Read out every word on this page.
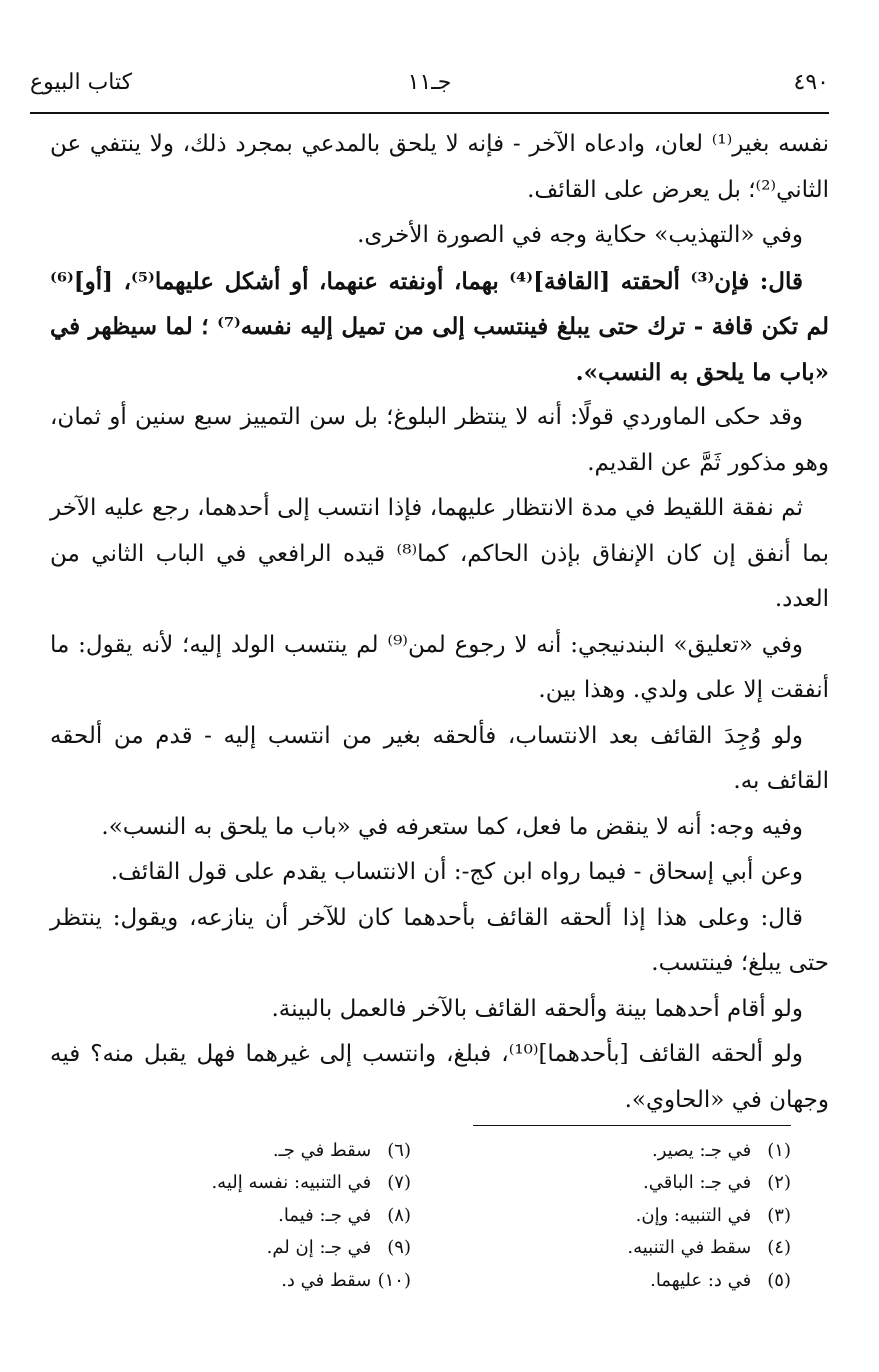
٤٩٠
جـ١١
كتاب البيوع

نفسه بغير⁽¹⁾ لعان، وادعاه الآخر - فإنه لا يلحق بالمدعي بمجرد ذلك، ولا ينتفي عن الثاني⁽²⁾؛ بل يعرض على القائف.

وفي «التهذيب» حكاية وجه في الصورة الأخرى.

قال: فإن⁽³⁾ ألحقته [القافة]⁽⁴⁾ بهما، أونفته عنهما، أو أشكل عليهما⁽⁵⁾، [أو]⁽⁶⁾ لم تكن قافة - ترك حتى يبلغ فينتسب إلى من تميل إليه نفسه⁽⁷⁾ ؛ لما سيظهر في «باب ما يلحق به النسب».

وقد حكى الماوردي قولًا: أنه لا ينتظر البلوغ؛ بل سن التمييز سبع سنين أو ثمان، وهو مذكور ثَمَّ عن القديم.

ثم نفقة اللقيط في مدة الانتظار عليهما، فإذا انتسب إلى أحدهما، رجع عليه الآخر بما أنفق إن كان الإنفاق بإذن الحاكم، كما⁽⁸⁾ قيده الرافعي في الباب الثاني من العدد.

وفي «تعليق» البندنيجي: أنه لا رجوع لمن⁽⁹⁾ لم ينتسب الولد إليه؛ لأنه يقول: ما أنفقت إلا على ولدي. وهذا بين.

ولو وُجِدَ القائف بعد الانتساب، فألحقه بغير من انتسب إليه - قدم من ألحقه القائف به.

وفيه وجه: أنه لا ينقض ما فعل، كما ستعرفه في «باب ما يلحق به النسب».

وعن أبي إسحاق - فيما رواه ابن كج-: أن الانتساب يقدم على قول القائف.

قال: وعلى هذا إذا ألحقه القائف بأحدهما كان للآخر أن ينازعه، ويقول: ينتظر حتى يبلغ؛ فينتسب.

ولو أقام أحدهما بينة وألحقه القائف بالآخر فالعمل بالبينة.

ولو ألحقه القائف [بأحدهما]⁽¹⁰⁾، فبلغ، وانتسب إلى غيرهما فهل يقبل منه؟ فيه وجهان في «الحاوي».

(١) في جـ: يصير.
(٢) في جـ: الباقي.
(٣) في التنبيه: وإن.
(٤) سقط في التنبيه.
(٥) في د: عليهما.
(٦) سقط في جـ.
(٧) في التنبيه: نفسه إليه.
(٨) في جـ: فيما.
(٩) في جـ: إن لم.
(١٠) سقط في د.
